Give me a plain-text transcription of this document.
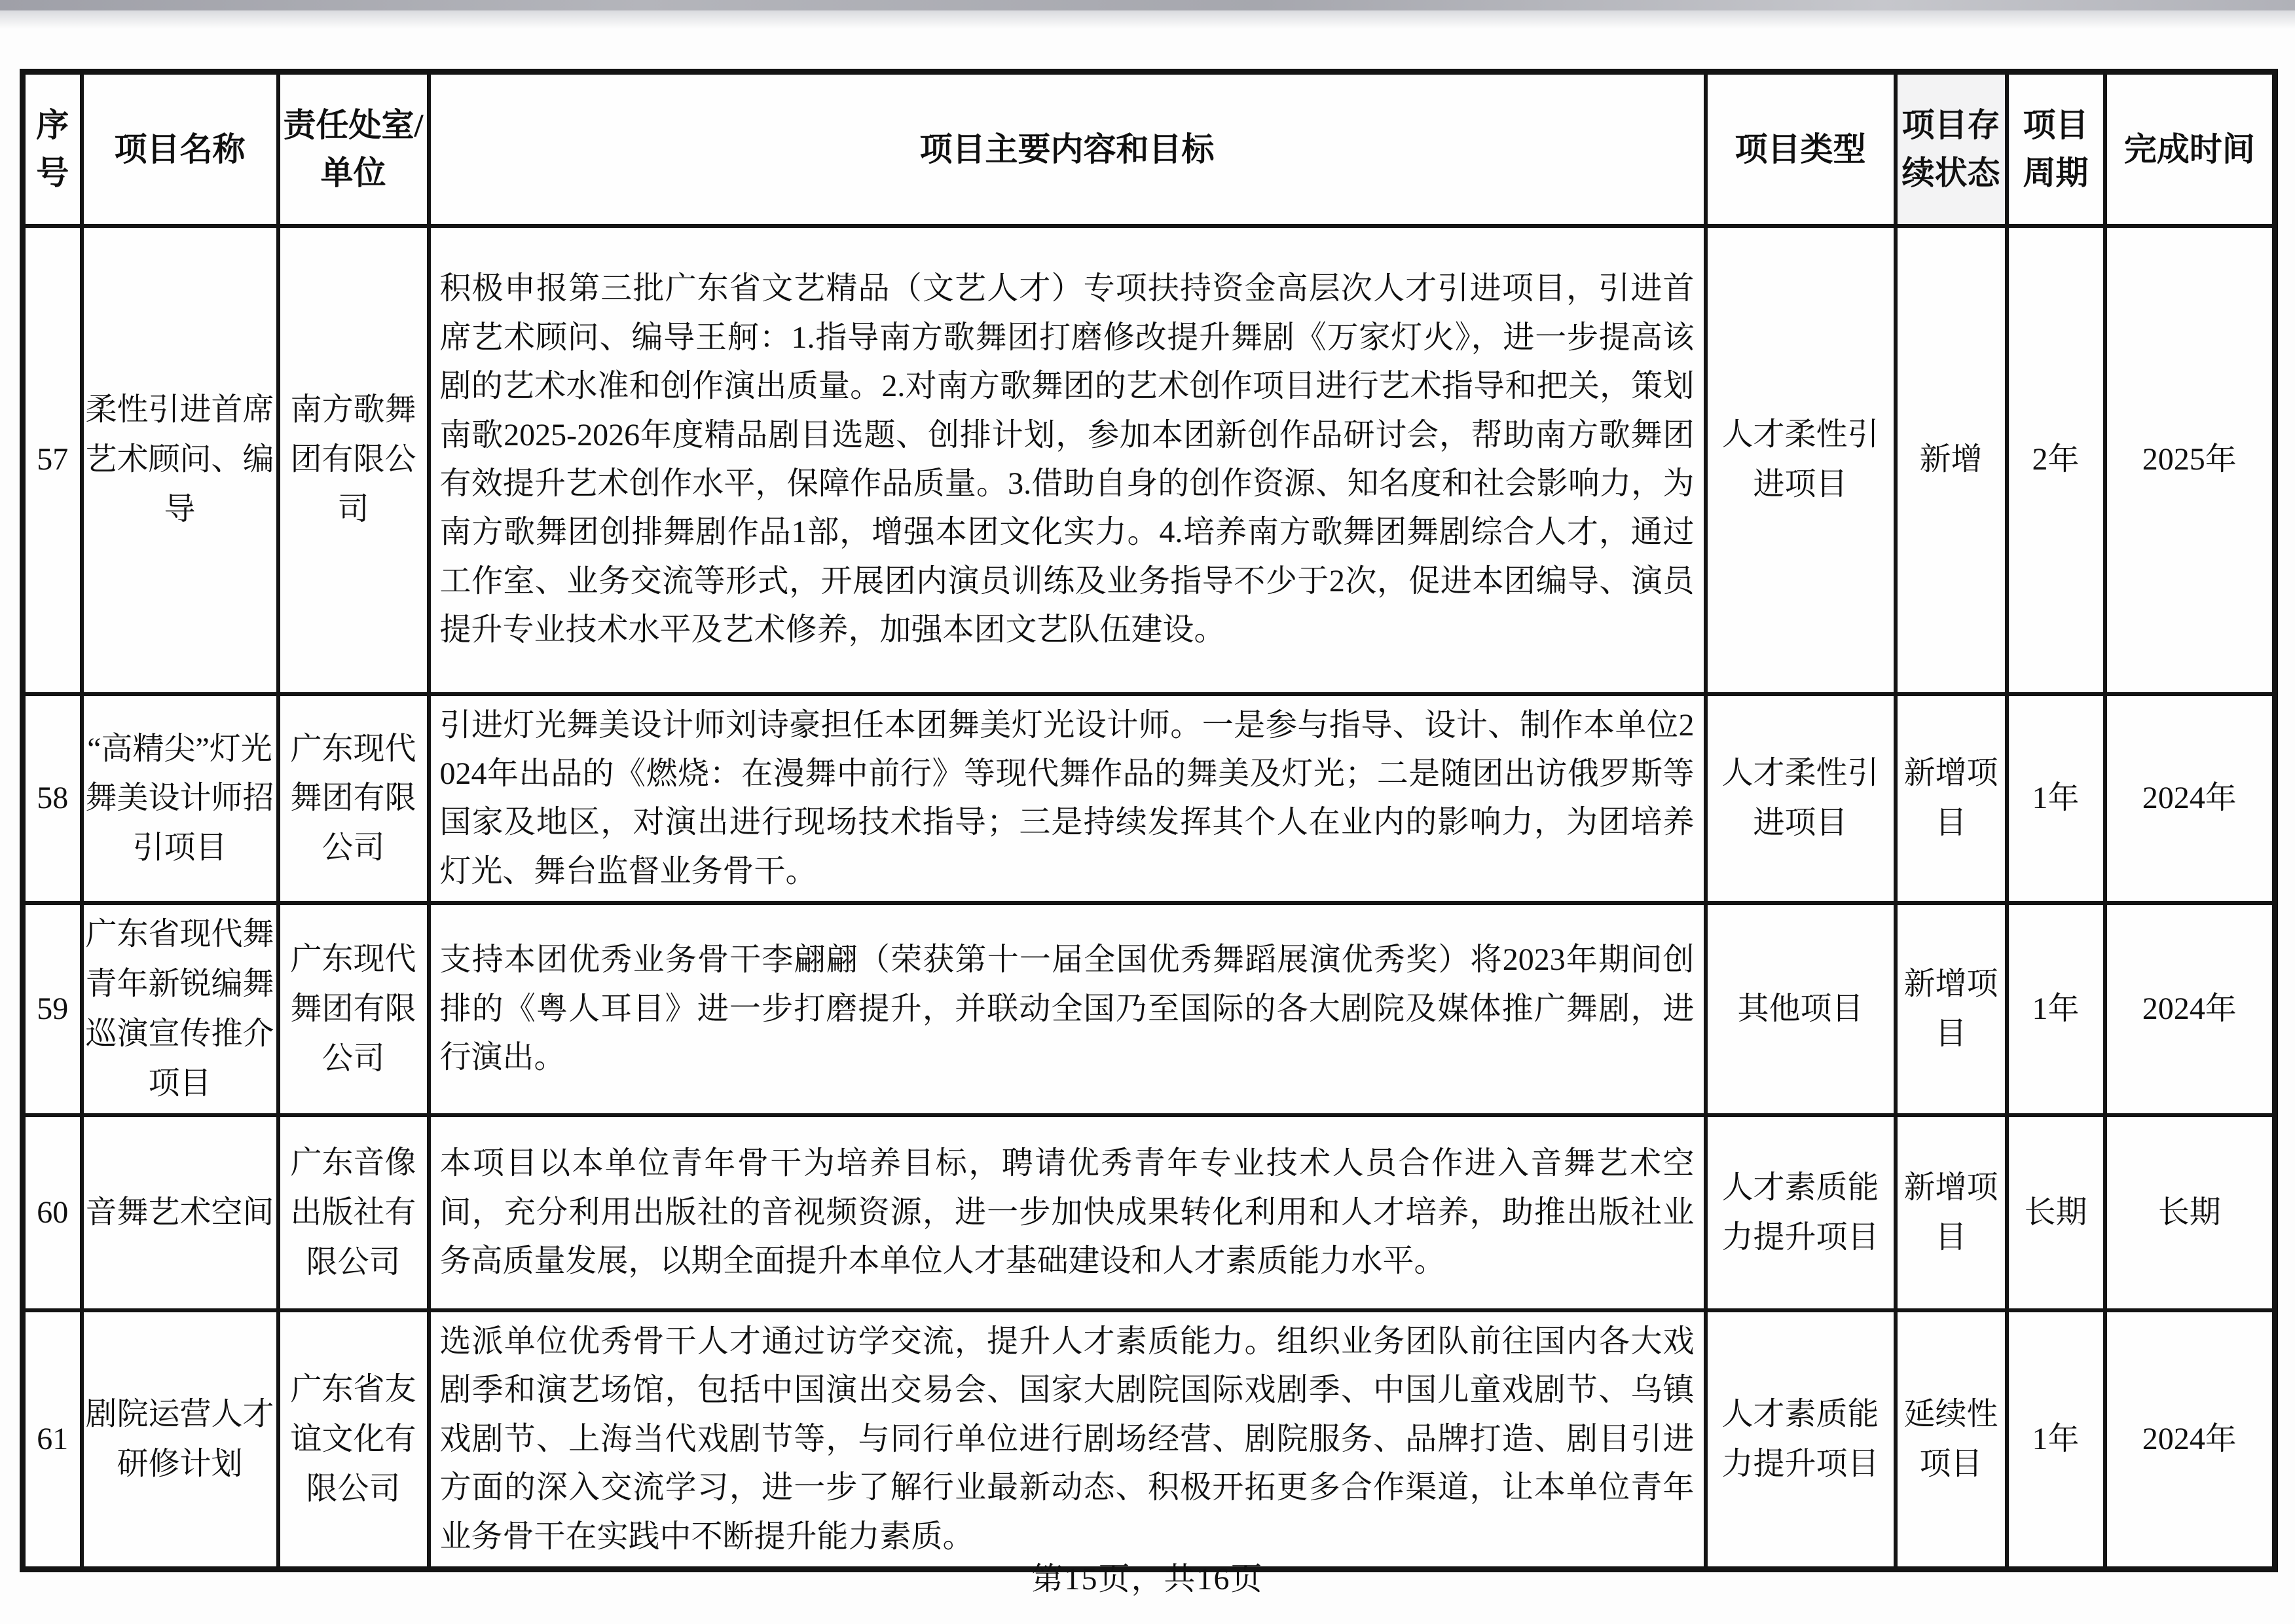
序号	项目名称	责任处室/单位	项目主要内容和目标	项目类型	项目存续状态	项目周期	完成时间
57	柔性引进首席艺术顾问、编导	南方歌舞团有限公司	积极申报第三批广东省文艺精品（文艺人才）专项扶持资金高层次人才引进项目，引进首席艺术顾问、编导王舸：1.指导南方歌舞团打磨修改提升舞剧《万家灯火》，进一步提高该剧的艺术水准和创作演出质量。2.对南方歌舞团的艺术创作项目进行艺术指导和把关，策划南歌2025-2026年度精品剧目选题、创排计划，参加本团新创作品研讨会，帮助南方歌舞团有效提升艺术创作水平，保障作品质量。3.借助自身的创作资源、知名度和社会影响力，为南方歌舞团创排舞剧作品1部，增强本团文化实力。4.培养南方歌舞团舞剧综合人才，通过工作室、业务交流等形式，开展团内演员训练及业务指导不少于2次，促进本团编导、演员提升专业技术水平及艺术修养，加强本团文艺队伍建设。	人才柔性引进项目	新增	2年	2025年
58	“高精尖”灯光舞美设计师招引项目	广东现代舞团有限公司	引进灯光舞美设计师刘诗豪担任本团舞美灯光设计师。一是参与指导、设计、制作本单位2024年出品的《燃烧：在漫舞中前行》等现代舞作品的舞美及灯光；二是随团出访俄罗斯等国家及地区，对演出进行现场技术指导；三是持续发挥其个人在业内的影响力，为团培养灯光、舞台监督业务骨干。	人才柔性引进项目	新增项目	1年	2024年
59	广东省现代舞青年新锐编舞巡演宣传推介项目	广东现代舞团有限公司	支持本团优秀业务骨干李翩翩（荣获第十一届全国优秀舞蹈展演优秀奖）将2023年期间创排的《粤人耳目》进一步打磨提升，并联动全国乃至国际的各大剧院及媒体推广舞剧，进行演出。	其他项目	新增项目	1年	2024年
60	音舞艺术空间	广东音像出版社有限公司	本项目以本单位青年骨干为培养目标，聘请优秀青年专业技术人员合作进入音舞艺术空间，充分利用出版社的音视频资源，进一步加快成果转化利用和人才培养，助推出版社业务高质量发展，以期全面提升本单位人才基础建设和人才素质能力水平。	人才素质能力提升项目	新增项目	长期	长期
61	剧院运营人才研修计划	广东省友谊文化有限公司	选派单位优秀骨干人才通过访学交流，提升人才素质能力。组织业务团队前往国内各大戏剧季和演艺场馆，包括中国演出交易会、国家大剧院国际戏剧季、中国儿童戏剧节、乌镇戏剧节、上海当代戏剧节等，与同行单位进行剧场经营、剧院服务、品牌打造、剧目引进方面的深入交流学习，进一步了解行业最新动态、积极开拓更多合作渠道，让本单位青年业务骨干在实践中不断提升能力素质。	人才素质能力提升项目	延续性项目	1年	2024年
第15页，共16页
